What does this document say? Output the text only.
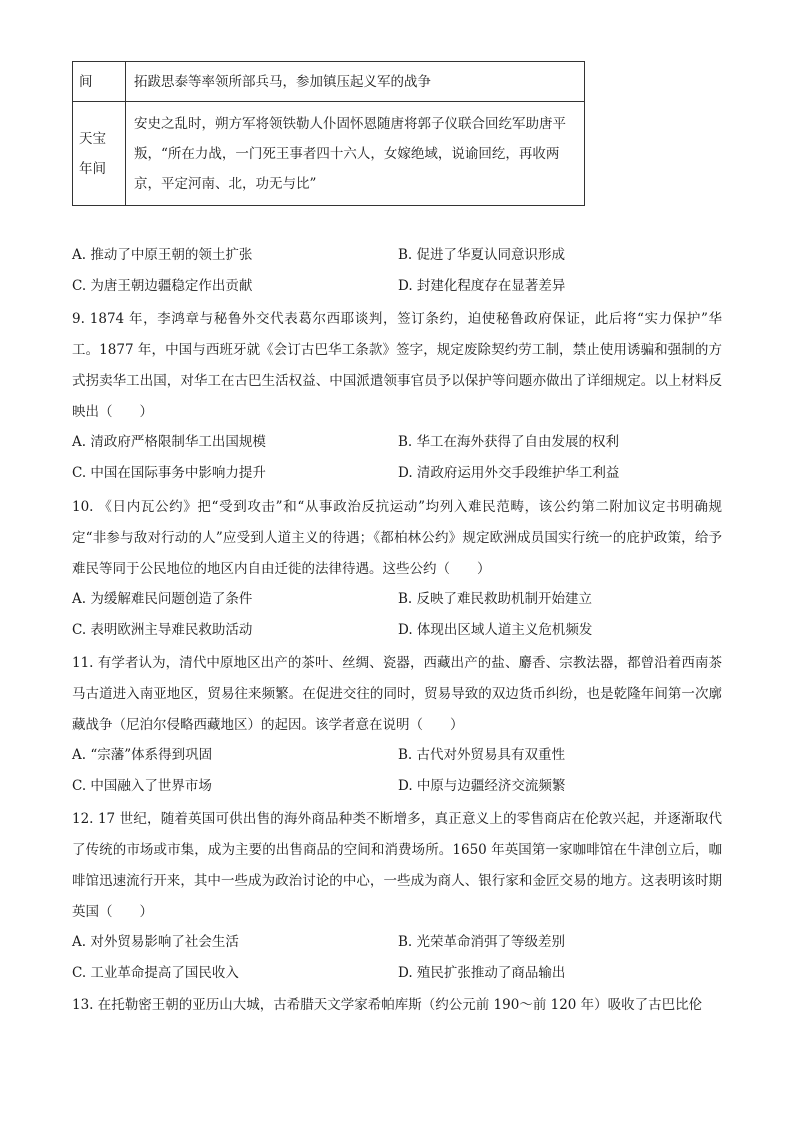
间	拓跋思泰等率领所部兵马，参加镇压起义军的战争
天宝年间	安史之乱时，朔方军将领铁勒人仆固怀恩随唐将郭子仪联合回纥军助唐平叛，“所在力战，一门死王事者四十六人，女嫁绝域，说谕回纥，再收两京，平定河南、北，功无与比”
A. 推动了中原王朝的领土扩张	B. 促进了华夏认同意识形成
C. 为唐王朝边疆稳定作出贡献	D. 封建化程度存在显著差异
9. 1874 年，李鸿章与秘鲁外交代表葛尔西耶谈判，签订条约，迫使秘鲁政府保证，此后将“实力保护”华工。1877 年，中国与西班牙就《会订古巴华工条款》签字，规定废除契约劳工制，禁止使用诱骗和强制的方式拐卖华工出国，对华工在古巴生活权益、中国派遣领事官员予以保护等问题亦做出了详细规定。以上材料反映出（　　）
A. 清政府严格限制华工出国规模	B. 华工在海外获得了自由发展的权利
C. 中国在国际事务中影响力提升	D. 清政府运用外交手段维护华工利益
10. 《日内瓦公约》把“受到攻击”和“从事政治反抗运动”均列入难民范畴，该公约第二附加议定书明确规定“非参与敌对行动的人”应受到人道主义的待遇；《都柏林公约》规定欧洲成员国实行统一的庇护政策，给予难民等同于公民地位的地区内自由迁徙的法律待遇。这些公约（　　）
A. 为缓解难民问题创造了条件	B. 反映了难民救助机制开始建立
C. 表明欧洲主导难民救助活动	D. 体现出区域人道主义危机频发
11. 有学者认为，清代中原地区出产的茶叶、丝绸、瓷器，西藏出产的盐、麝香、宗教法器，都曾沿着西南茶马古道进入南亚地区，贸易往来频繁。在促进交往的同时，贸易导致的双边货币纠纷，也是乾隆年间第一次廓藏战争（尼泊尔侵略西藏地区）的起因。该学者意在说明（　　）
A. “宗藩”体系得到巩固	B. 古代对外贸易具有双重性
C. 中国融入了世界市场	D. 中原与边疆经济交流频繁
12. 17 世纪，随着英国可供出售的海外商品种类不断增多，真正意义上的零售商店在伦敦兴起，并逐渐取代了传统的市场或市集，成为主要的出售商品的空间和消费场所。1650 年英国第一家咖啡馆在牛津创立后，咖啡馆迅速流行开来，其中一些成为政治讨论的中心，一些成为商人、银行家和金匠交易的地方。这表明该时期英国（　　）
A. 对外贸易影响了社会生活	B. 光荣革命消弭了等级差别
C. 工业革命提高了国民收入	D. 殖民扩张推动了商品输出
13. 在托勒密王朝的亚历山大城，古希腊天文学家希帕库斯（约公元前 190～前 120 年）吸收了古巴比伦
